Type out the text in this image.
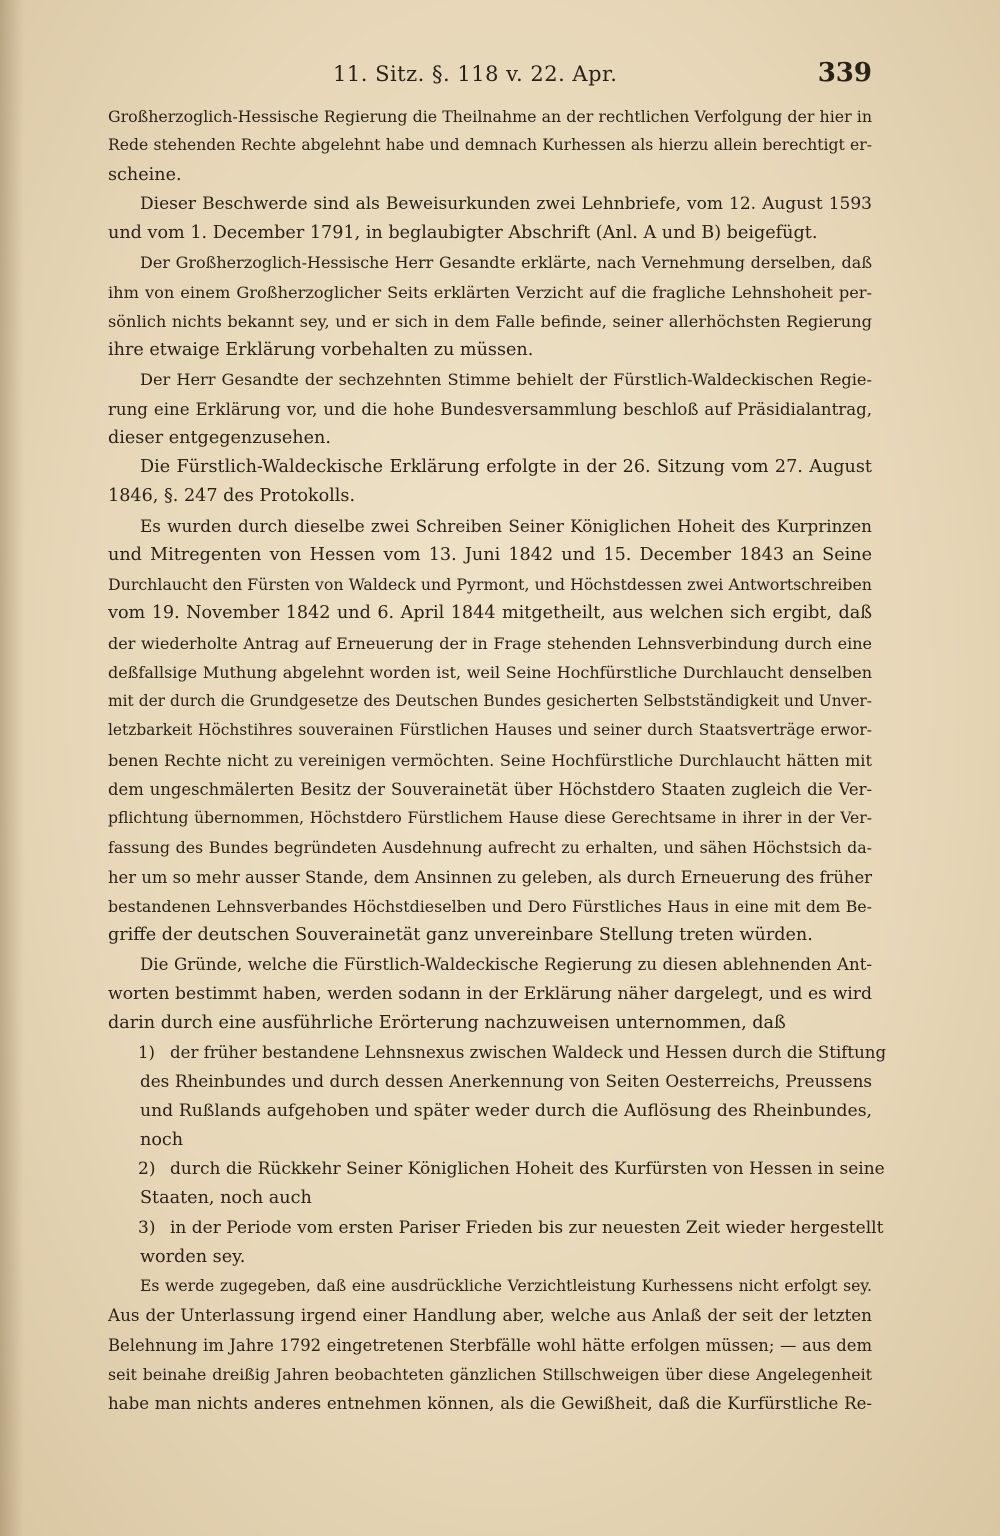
11. Sitz. §. 118 v. 22. Apr.	339
Großherzoglich-Hessische Regierung die Theilnahme an der rechtlichen Verfolgung der hier in
Rede stehenden Rechte abgelehnt habe und demnach Kurhessen als hierzu allein berechtigt er-
scheine.
Dieser Beschwerde sind als Beweisurkunden zwei Lehnbriefe, vom 12. August 1593
und vom 1. December 1791, in beglaubigter Abschrift (Anl. A und B) beigefügt.
Der Großherzoglich-Hessische Herr Gesandte erklärte, nach Vernehmung derselben, daß
ihm von einem Großherzoglicher Seits erklärten Verzicht auf die fragliche Lehnshoheit per-
sönlich nichts bekannt sey, und er sich in dem Falle befinde, seiner allerhöchsten Regierung
ihre etwaige Erklärung vorbehalten zu müssen.
Der Herr Gesandte der sechzehnten Stimme behielt der Fürstlich-Waldeckischen Regie-
rung eine Erklärung vor, und die hohe Bundesversammlung beschloß auf Präsidialantrag,
dieser entgegenzusehen.
Die Fürstlich-Waldeckische Erklärung erfolgte in der 26. Sitzung vom 27. August
1846, §. 247 des Protokolls.
Es wurden durch dieselbe zwei Schreiben Seiner Königlichen Hoheit des Kurprinzen
und Mitregenten von Hessen vom 13. Juni 1842 und 15. December 1843 an Seine
Durchlaucht den Fürsten von Waldeck und Pyrmont, und Höchstdessen zwei Antwortschreiben
vom 19. November 1842 und 6. April 1844 mitgetheilt, aus welchen sich ergibt, daß
der wiederholte Antrag auf Erneuerung der in Frage stehenden Lehnsverbindung durch eine
deßfallsige Muthung abgelehnt worden ist, weil Seine Hochfürstliche Durchlaucht denselben
mit der durch die Grundgesetze des Deutschen Bundes gesicherten Selbstständigkeit und Unver-
letzbarkeit Höchstihres souverainen Fürstlichen Hauses und seiner durch Staatsverträge erwor-
benen Rechte nicht zu vereinigen vermöchten. Seine Hochfürstliche Durchlaucht hätten mit
dem ungeschmälerten Besitz der Souverainetät über Höchstdero Staaten zugleich die Ver-
pflichtung übernommen, Höchstdero Fürstlichem Hause diese Gerechtsame in ihrer in der Ver-
fassung des Bundes begründeten Ausdehnung aufrecht zu erhalten, und sähen Höchstsich da-
her um so mehr ausser Stande, dem Ansinnen zu geleben, als durch Erneuerung des früher
bestandenen Lehnsverbandes Höchstdieselben und Dero Fürstliches Haus in eine mit dem Be-
griffe der deutschen Souverainetät ganz unvereinbare Stellung treten würden.
Die Gründe, welche die Fürstlich-Waldeckische Regierung zu diesen ablehnenden Ant-
worten bestimmt haben, werden sodann in der Erklärung näher dargelegt, und es wird
darin durch eine ausführliche Erörterung nachzuweisen unternommen, daß
1) der früher bestandene Lehnsnexus zwischen Waldeck und Hessen durch die Stiftung
des Rheinbundes und durch dessen Anerkennung von Seiten Oesterreichs, Preussens
und Rußlands aufgehoben und später weder durch die Auflösung des Rheinbundes,
noch
2) durch die Rückkehr Seiner Königlichen Hoheit des Kurfürsten von Hessen in seine
Staaten, noch auch
3) in der Periode vom ersten Pariser Frieden bis zur neuesten Zeit wieder hergestellt
worden sey.
Es werde zugegeben, daß eine ausdrückliche Verzichtleistung Kurhessens nicht erfolgt sey.
Aus der Unterlassung irgend einer Handlung aber, welche aus Anlaß der seit der letzten
Belehnung im Jahre 1792 eingetretenen Sterbfälle wohl hätte erfolgen müssen; — aus dem
seit beinahe dreißig Jahren beobachteten gänzlichen Stillschweigen über diese Angelegenheit
habe man nichts anderes entnehmen können, als die Gewißheit, daß die Kurfürstliche Re-
